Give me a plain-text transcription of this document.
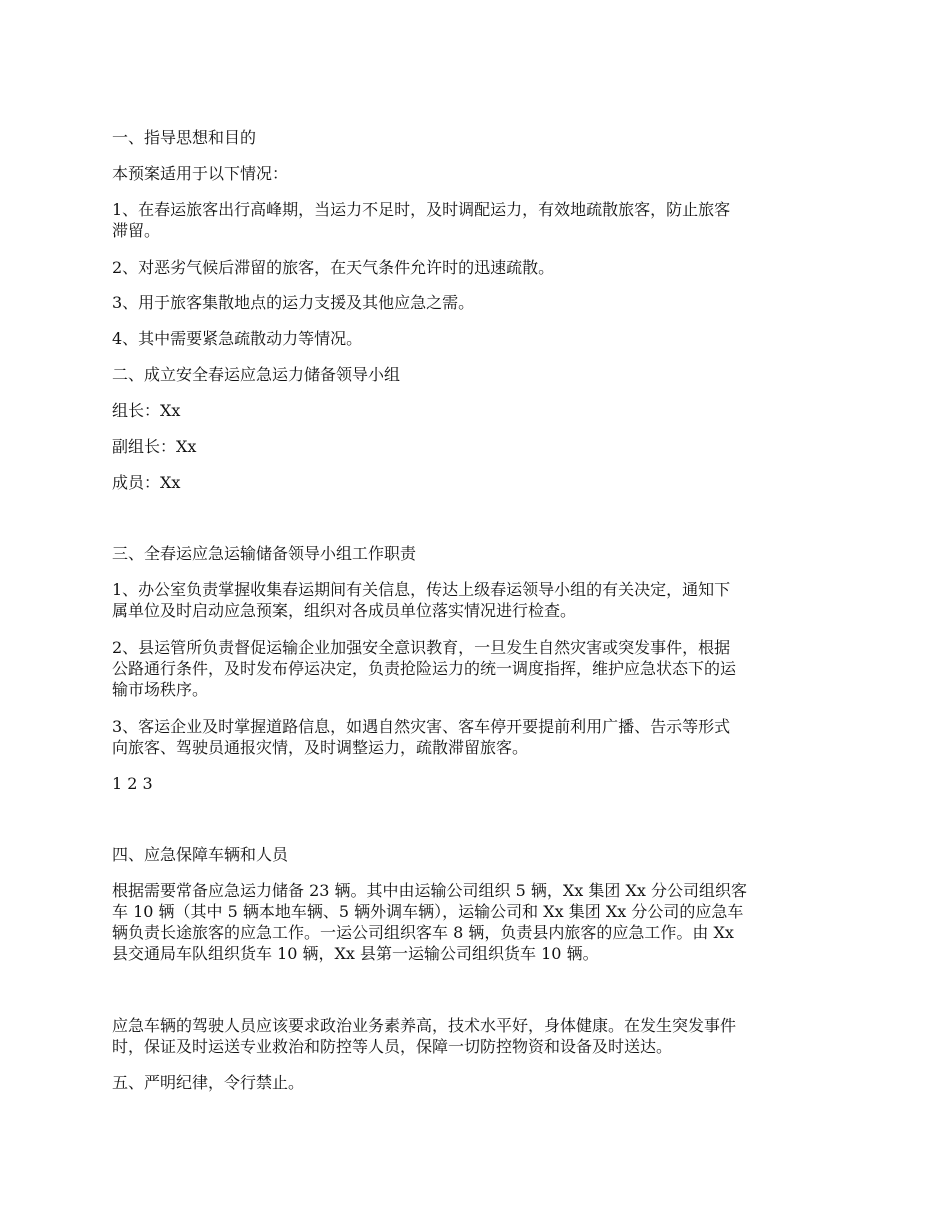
一、指导思想和目的
本预案适用于以下情况：
1、在春运旅客出行高峰期，当运力不足时，及时调配运力，有效地疏散旅客，防止旅客
滞留。
2、对恶劣气候后滞留的旅客，在天气条件允许时的迅速疏散。
3、用于旅客集散地点的运力支援及其他应急之需。
4、其中需要紧急疏散动力等情况。
二、成立安全春运应急运力储备领导小组
组长：Xx
副组长：Xx
成员：Xx
三、全春运应急运输储备领导小组工作职责
1、办公室负责掌握收集春运期间有关信息，传达上级春运领导小组的有关决定，通知下
属单位及时启动应急预案，组织对各成员单位落实情况进行检查。
2、县运管所负责督促运输企业加强安全意识教育，一旦发生自然灾害或突发事件，根据
公路通行条件，及时发布停运决定，负责抢险运力的统一调度指挥，维护应急状态下的运
输市场秩序。
3、客运企业及时掌握道路信息，如遇自然灾害、客车停开要提前利用广播、告示等形式
向旅客、驾驶员通报灾情，及时调整运力，疏散滞留旅客。
1 2 3
四、应急保障车辆和人员
根据需要常备应急运力储备 23 辆。其中由运输公司组织 5 辆，Xx 集团 Xx 分公司组织客
车 10 辆（其中 5 辆本地车辆、5 辆外调车辆），运输公司和 Xx 集团 Xx 分公司的应急车
辆负责长途旅客的应急工作。一运公司组织客车 8 辆，负责县内旅客的应急工作。由 Xx
县交通局车队组织货车 10 辆，Xx 县第一运输公司组织货车 10 辆。
应急车辆的驾驶人员应该要求政治业务素养高，技术水平好，身体健康。在发生突发事件
时，保证及时运送专业救治和防控等人员，保障一切防控物资和设备及时送达。
五、严明纪律，令行禁止。
